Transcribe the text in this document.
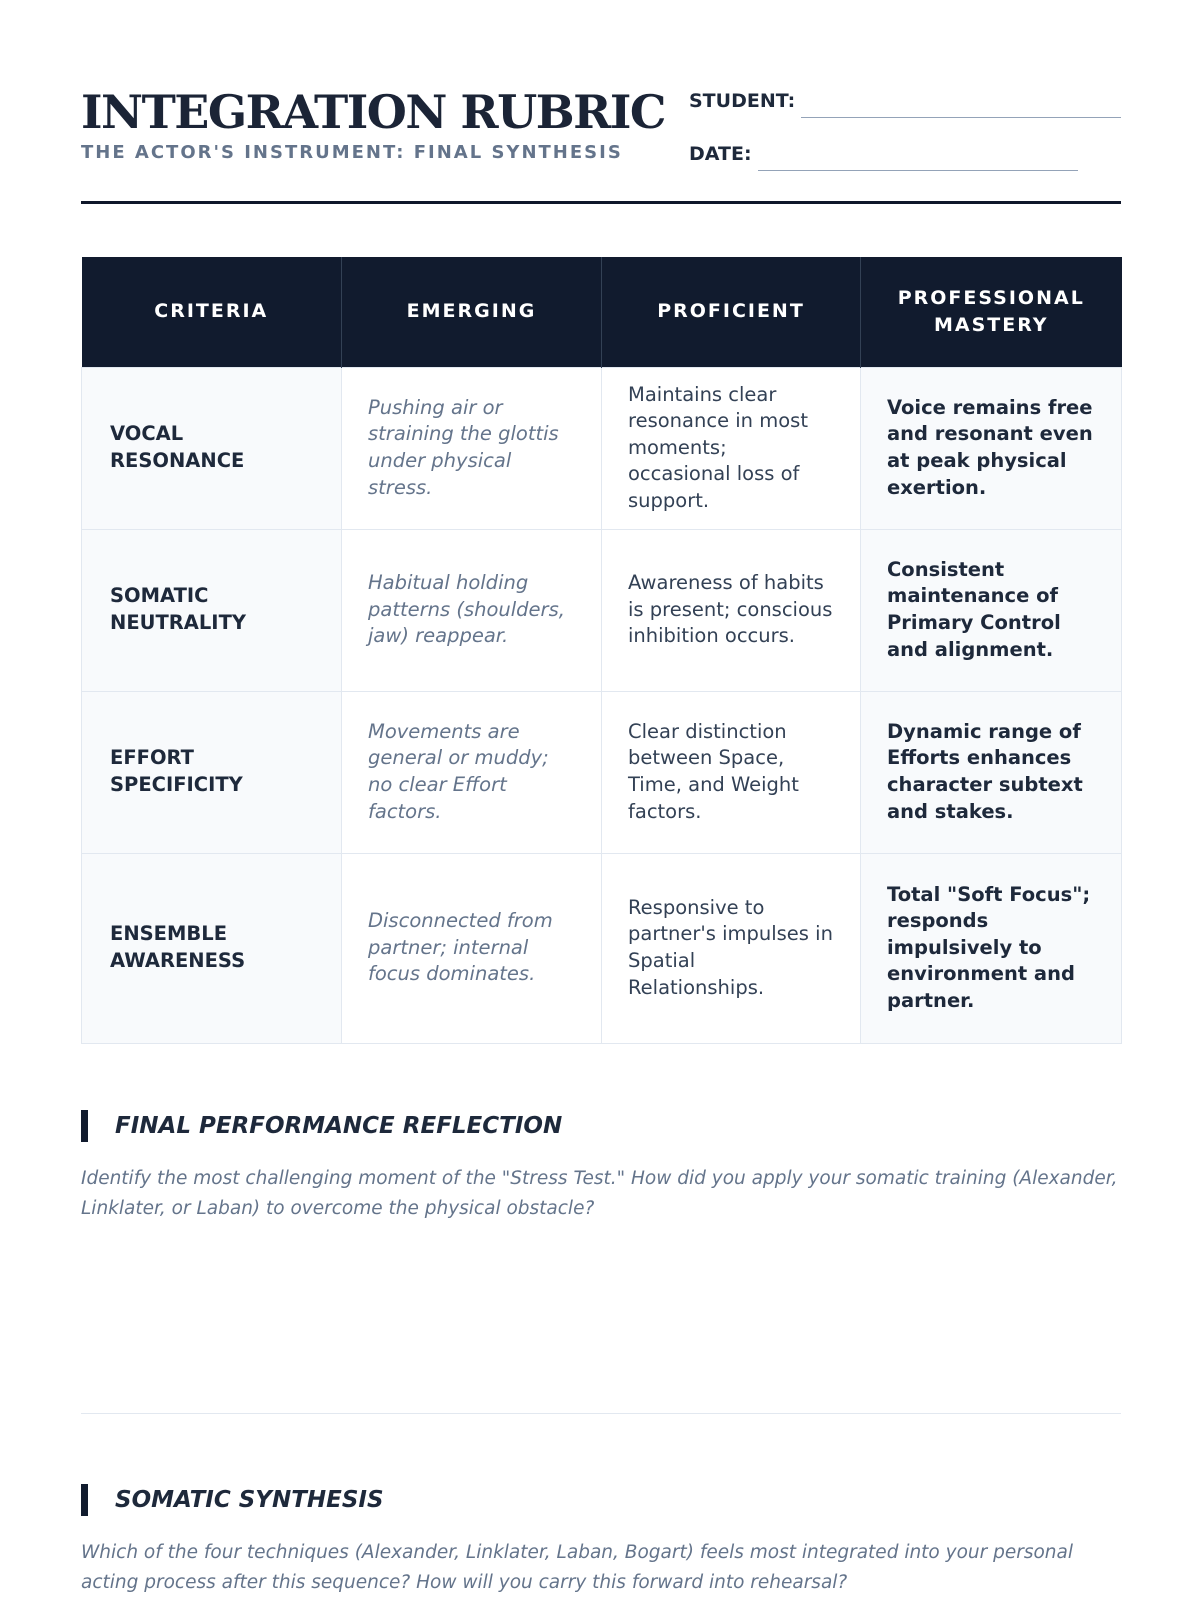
INTEGRATION RUBRIC
THE ACTOR'S INSTRUMENT: FINAL SYNTHESIS
STUDENT:
DATE:
CRITERIA	EMERGING	PROFICIENT	PROFESSIONAL MASTERY
VOCAL RESONANCE	Pushing air or straining the glottis under physical stress.	Maintains clear resonance in most moments; occasional loss of support.	Voice remains free and resonant even at peak physical exertion.
SOMATIC NEUTRALITY	Habitual holding patterns (shoulders, jaw) reappear.	Awareness of habits is present; conscious inhibition occurs.	Consistent maintenance of Primary Control and alignment.
EFFORT SPECIFICITY	Movements are general or muddy; no clear Effort factors.	Clear distinction between Space, Time, and Weight factors.	Dynamic range of Efforts enhances character subtext and stakes.
ENSEMBLE AWARENESS	Disconnected from partner; internal focus dominates.	Responsive to partner's impulses in Spatial Relationships.	Total "Soft Focus"; responds impulsively to environment and partner.
FINAL PERFORMANCE REFLECTION
Identify the most challenging moment of the "Stress Test." How did you apply your somatic training (Alexander, Linklater, or Laban) to overcome the physical obstacle?
SOMATIC SYNTHESIS
Which of the four techniques (Alexander, Linklater, Laban, Bogart) feels most integrated into your personal acting process after this sequence? How will you carry this forward into rehearsal?
